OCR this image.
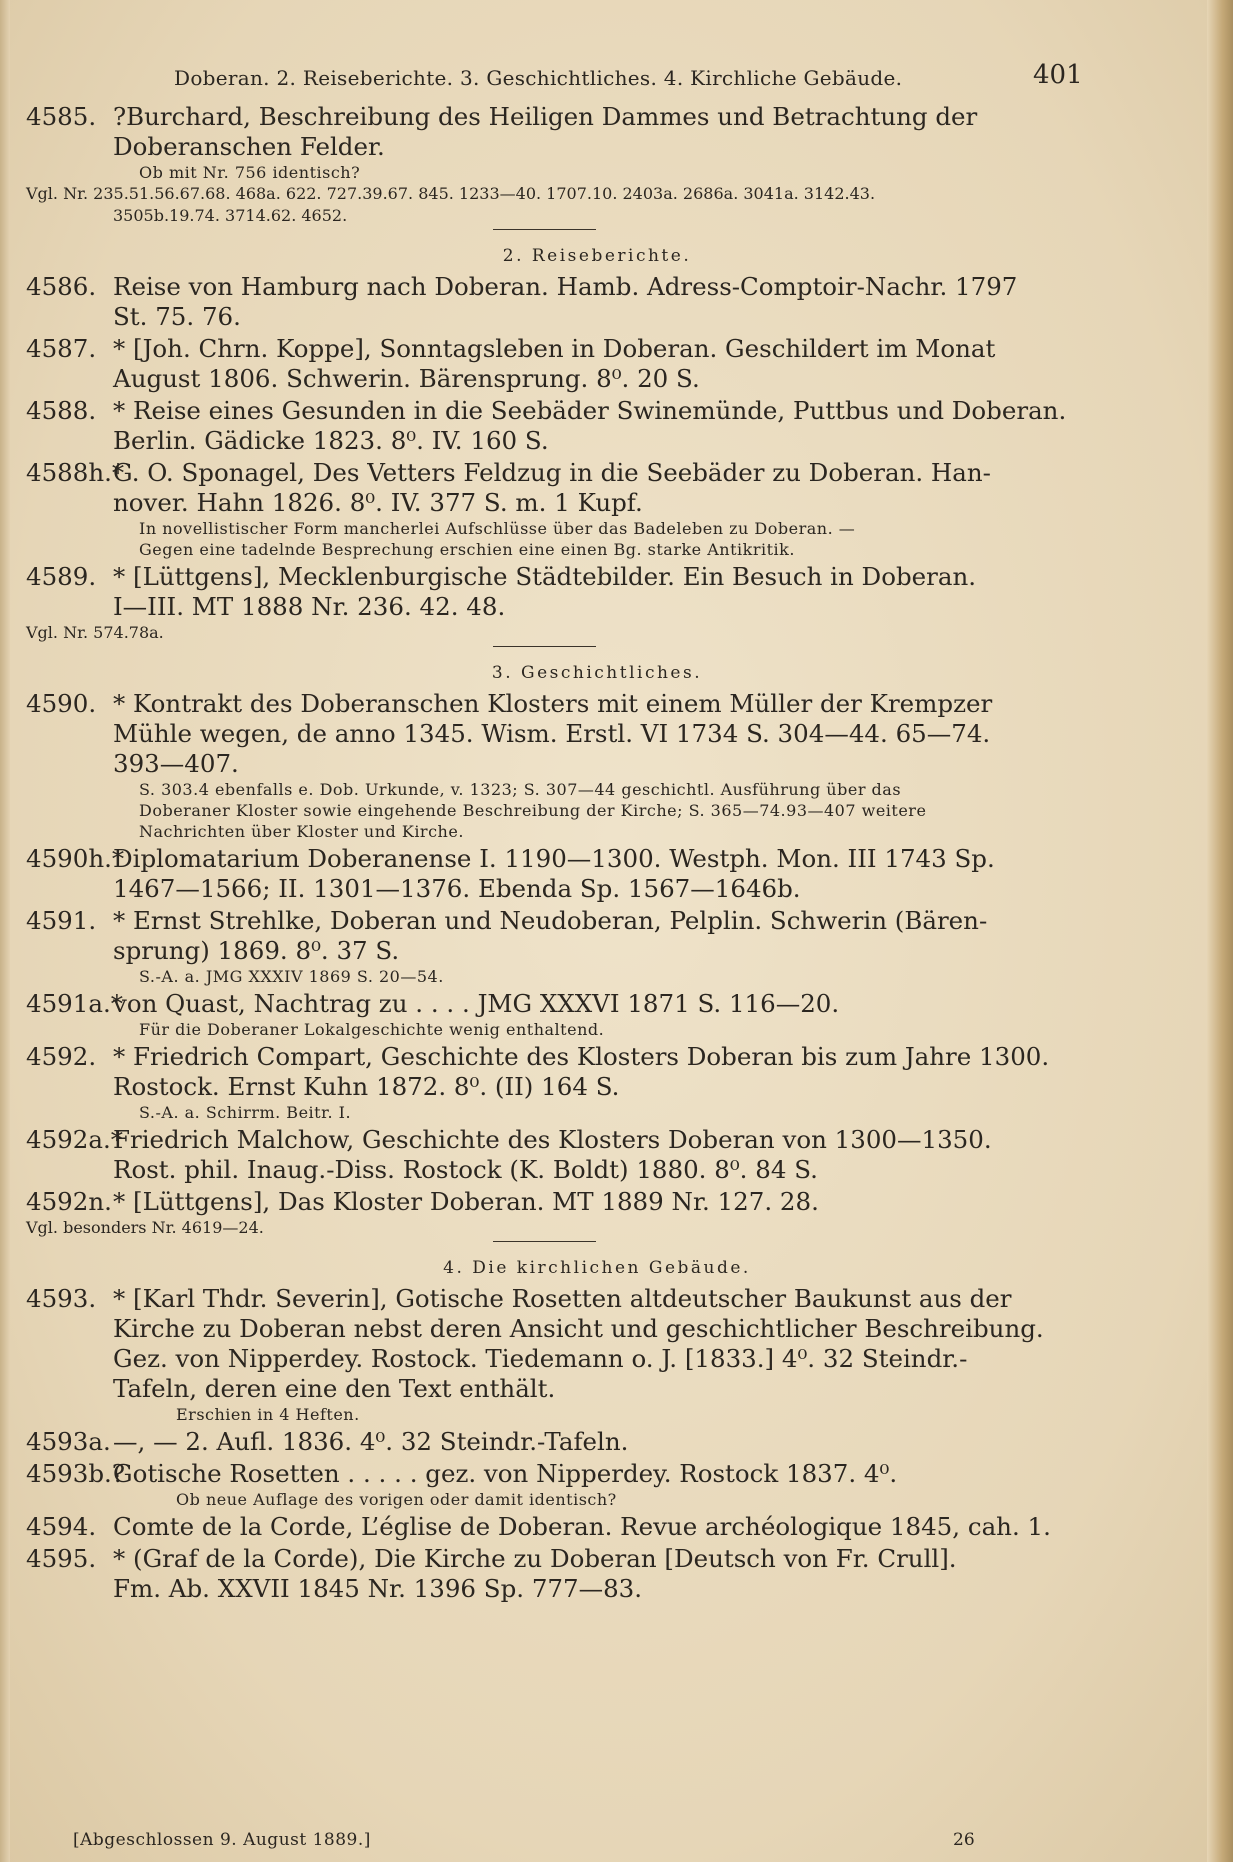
Doberan. 2. Reiseberichte. 3. Geschichtliches. 4. Kirchliche Gebäude.	401
4585. ?Burchard, Beschreibung des Heiligen Dammes und Betrachtung der
Doberanschen Felder.
Ob mit Nr. 756 identisch?
Vgl. Nr. 235.51.56.67.68. 468a. 622. 727.39.67. 845. 1233—40. 1707.10. 2403a. 2686a. 3041a. 3142.43.
3505b.19.74. 3714.62. 4652.
2. Reiseberichte.
4586. Reise von Hamburg nach Doberan. Hamb. Adress-Comptoir-Nachr. 1797
St. 75. 76.
4587. * [Joh. Chrn. Koppe], Sonntagsleben in Doberan. Geschildert im Monat
August 1806. Schwerin. Bärensprung. 8⁰. 20 S.
4588. * Reise eines Gesunden in die Seebäder Swinemünde, Puttbus und Doberan.
Berlin. Gädicke 1823. 8⁰. IV. 160 S.
4588h.*
G. O. Sponagel, Des Vetters Feldzug in die Seebäder zu Doberan. Han-
nover. Hahn 1826. 8⁰. IV. 377 S. m. 1 Kupf.
In novellistischer Form mancherlei Aufschlüsse über das Badeleben zu Doberan. —
Gegen eine tadelnde Besprechung erschien eine einen Bg. starke Antikritik.
4589. * [Lüttgens], Mecklenburgische Städtebilder. Ein Besuch in Doberan.
I—III. MT 1888 Nr. 236. 42. 48.
Vgl. Nr. 574.78a.
3. Geschichtliches.
4590. * Kontrakt des Doberanschen Klosters mit einem Müller der Krempzer
Mühle wegen, de anno 1345. Wism. Erstl. VI 1734 S. 304—44. 65—74.
393—407.
S. 303.4 ebenfalls e. Dob. Urkunde, v. 1323; S. 307—44 geschichtl. Ausführung über das
Doberaner Kloster sowie eingehende Beschreibung der Kirche; S. 365—74.93—407 weitere
Nachrichten über Kloster und Kirche.
4590h.*
Diplomatarium Doberanense I. 1190—1300. Westph. Mon. III 1743 Sp.
1467—1566; II. 1301—1376. Ebenda Sp. 1567—1646b.
4591. * Ernst Strehlke, Doberan und Neudoberan, Pelplin. Schwerin (Bären-
sprung) 1869. 8⁰. 37 S.
S.-A. a. JMG XXXIV 1869 S. 20—54.
4591a.*
von Quast, Nachtrag zu . . . . JMG XXXVI 1871 S. 116—20.
Für die Doberaner Lokalgeschichte wenig enthaltend.
4592. * Friedrich Compart, Geschichte des Klosters Doberan bis zum Jahre 1300.
Rostock. Ernst Kuhn 1872. 8⁰. (II) 164 S.
S.-A. a. Schirrm. Beitr. I.
4592a.*
Friedrich Malchow, Geschichte des Klosters Doberan von 1300—1350.
Rost. phil. Inaug.-Diss. Rostock (K. Boldt) 1880. 8⁰. 84 S.
4592n. * [Lüttgens], Das Kloster Doberan. MT 1889 Nr. 127. 28.
Vgl. besonders Nr. 4619—24.
4. Die kirchlichen Gebäude.
4593. * [Karl Thdr. Severin], Gotische Rosetten altdeutscher Baukunst aus der
Kirche zu Doberan nebst deren Ansicht und geschichtlicher Beschreibung.
Gez. von Nipperdey. Rostock. Tiedemann o. J. [1833.] 4⁰. 32 Steindr.-
Tafeln, deren eine den Text enthält.
Erschien in 4 Heften.
4593a. —, — 2. Aufl. 1836. 4⁰. 32 Steindr.-Tafeln.
4593b.?
Gotische Rosetten . . . . . gez. von Nipperdey. Rostock 1837. 4⁰.
Ob neue Auflage des vorigen oder damit identisch?
4594. Comte de la Corde, L’église de Doberan. Revue archéologique 1845, cah. 1.
4595. * (Graf de la Corde), Die Kirche zu Doberan [Deutsch von Fr. Crull].
Fm. Ab. XXVII 1845 Nr. 1396 Sp. 777—83.
[Abgeschlossen 9. August 1889.]	26
